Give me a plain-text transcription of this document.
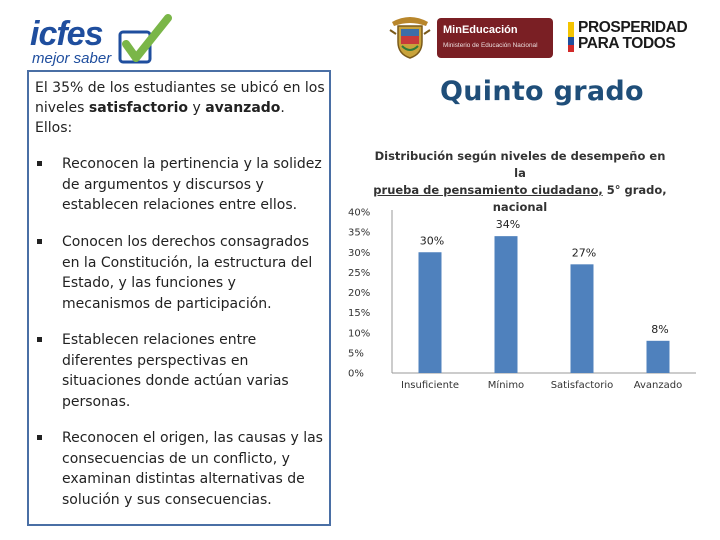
icfes
mejor saber
MinEducación
Ministerio de Educación Nacional
PROSPERIDAD
PARA TODOS
El 35% de los estudiantes se ubicó en los niveles satisfactorio y avanzado. Ellos:
Reconocen la pertinencia y la solidez de argumentos y discursos y establecen relaciones entre ellos.
Conocen los derechos consagrados en la Constitución, la estructura del Estado, y las funciones y mecanismos de participación.
Establecen relaciones entre diferentes perspectivas en situaciones donde actúan varias personas.
Reconocen el origen, las causas y las consecuencias de un conflicto, y examinan distintas alternativas de solución y sus consecuencias.
Quinto grado
Distribución según niveles de desempeño en la
prueba de pensamiento ciudadano, 5° grado, nacional
0%
5%
10%
15%
20%
25%
30%
35%
40%
30%
Insuficiente
34%
Mínimo
27%
Satisfactorio
8%
Avanzado
